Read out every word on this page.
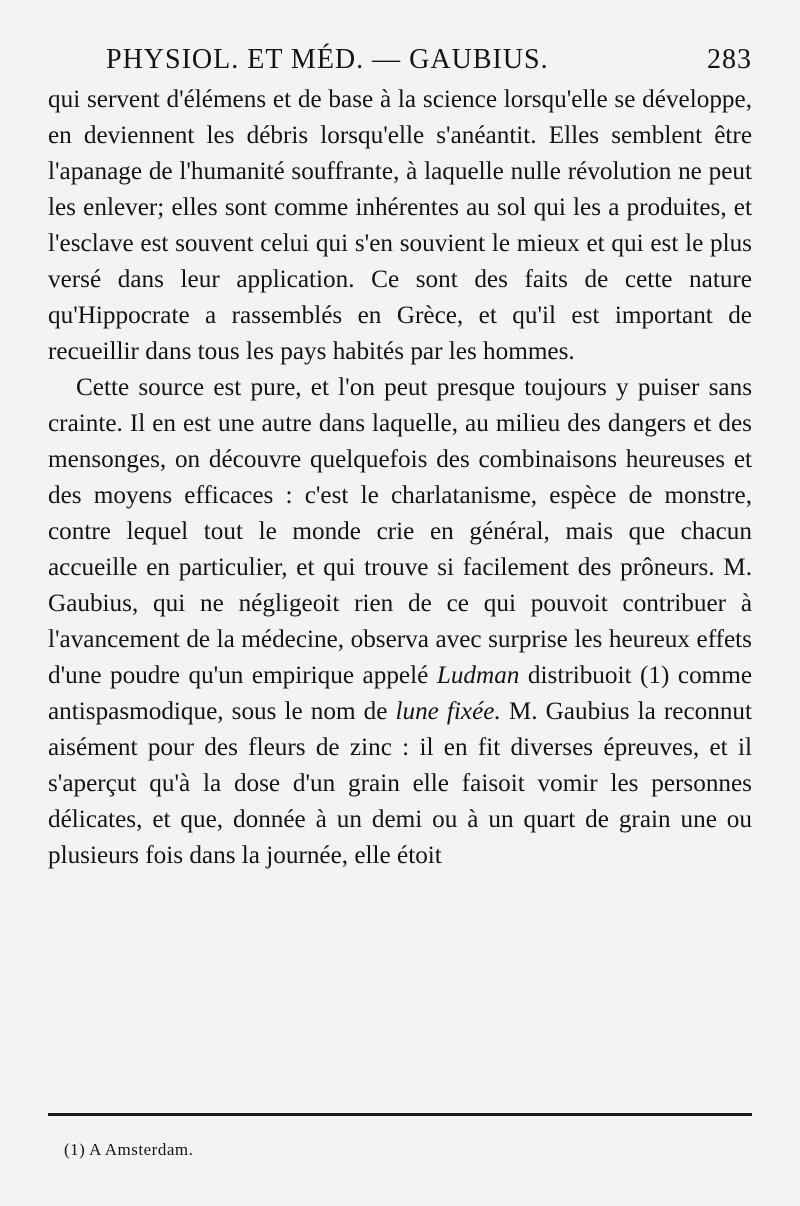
PHYSIOL. ET MÉD. — GAUBIUS.	283

qui servent d'élémens et de base à la science lorsqu'elle se développe, en deviennent les débris lorsqu'elle s'anéantit. Elles semblent être l'apanage de l'humanité souffrante, à laquelle nulle révolution ne peut les enlever; elles sont comme inhérentes au sol qui les a produites, et l'esclave est souvent celui qui s'en souvient le mieux et qui est le plus versé dans leur application. Ce sont des faits de cette nature qu'Hippocrate a rassemblés en Grèce, et qu'il est important de recueillir dans tous les pays habités par les hommes.

Cette source est pure, et l'on peut presque toujours y puiser sans crainte. Il en est une autre dans laquelle, au milieu des dangers et des mensonges, on découvre quelquefois des combinaisons heureuses et des moyens efficaces : c'est le charlatanisme, espèce de monstre, contre lequel tout le monde crie en général, mais que chacun accueille en particulier, et qui trouve si facilement des prôneurs. M. Gaubius, qui ne négligeoit rien de ce qui pouvoit contribuer à l'avancement de la médecine, observa avec surprise les heureux effets d'une poudre qu'un empirique appelé Ludman distribuoit (1) comme antispasmodique, sous le nom de lune fixée. M. Gaubius la reconnut aisément pour des fleurs de zinc : il en fit diverses épreuves, et il s'aperçut qu'à la dose d'un grain elle faisoit vomir les personnes délicates, et que, donnée à un demi ou à un quart de grain une ou plusieurs fois dans la journée, elle étoit

(1) A Amsterdam.
